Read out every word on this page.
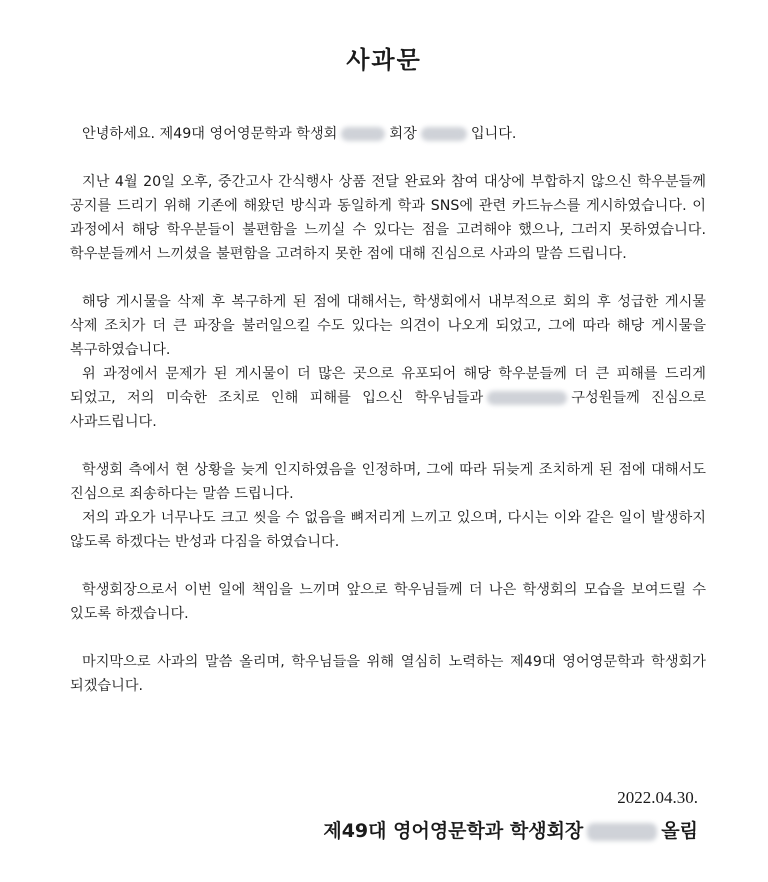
사과문

안녕하세요. 제49대 영어영문학과 학생회	회장	입니다.

지난 4월 20일 오후, 중간고사 간식행사 상품 전달 완료와 참여 대상에 부합하지 않으신 학우분들께 공지를 드리기 위해 기존에 해왔던 방식과 동일하게 학과 SNS에 관련 카드뉴스를 게시하였습니다. 이 과정에서 해당 학우분들이 불편함을 느끼실 수 있다는 점을 고려해야 했으나, 그러지 못하였습니다. 학우분들께서 느끼셨을 불편함을 고려하지 못한 점에 대해 진심으로 사과의 말씀 드립니다.

해당 게시물을 삭제 후 복구하게 된 점에 대해서는, 학생회에서 내부적으로 회의 후 성급한 게시물 삭제 조치가 더 큰 파장을 불러일으킬 수도 있다는 의견이 나오게 되었고, 그에 따라 해당 게시물을 복구하였습니다.

위 과정에서 문제가 된 게시물이 더 많은 곳으로 유포되어 해당 학우분들께 더 큰 피해를 드리게 되었고, 저의 미숙한 조치로 인해 피해를 입으신 학우님들과	구성원들께 진심으로 사과드립니다.

학생회 측에서 현 상황을 늦게 인지하였음을 인정하며, 그에 따라 뒤늦게 조치하게 된 점에 대해서도 진심으로 죄송하다는 말씀 드립니다.

저의 과오가 너무나도 크고 씻을 수 없음을 뼈저리게 느끼고 있으며, 다시는 이와 같은 일이 발생하지 않도록 하겠다는 반성과 다짐을 하였습니다.

학생회장으로서 이번 일에 책임을 느끼며 앞으로 학우님들께 더 나은 학생회의 모습을 보여드릴 수 있도록 하겠습니다.

마지막으로 사과의 말씀 올리며, 학우님들을 위해 열심히 노력하는 제49대 영어영문학과 학생회가 되겠습니다.

2022.04.30.
제49대 영어영문학과 학생회장	올림
